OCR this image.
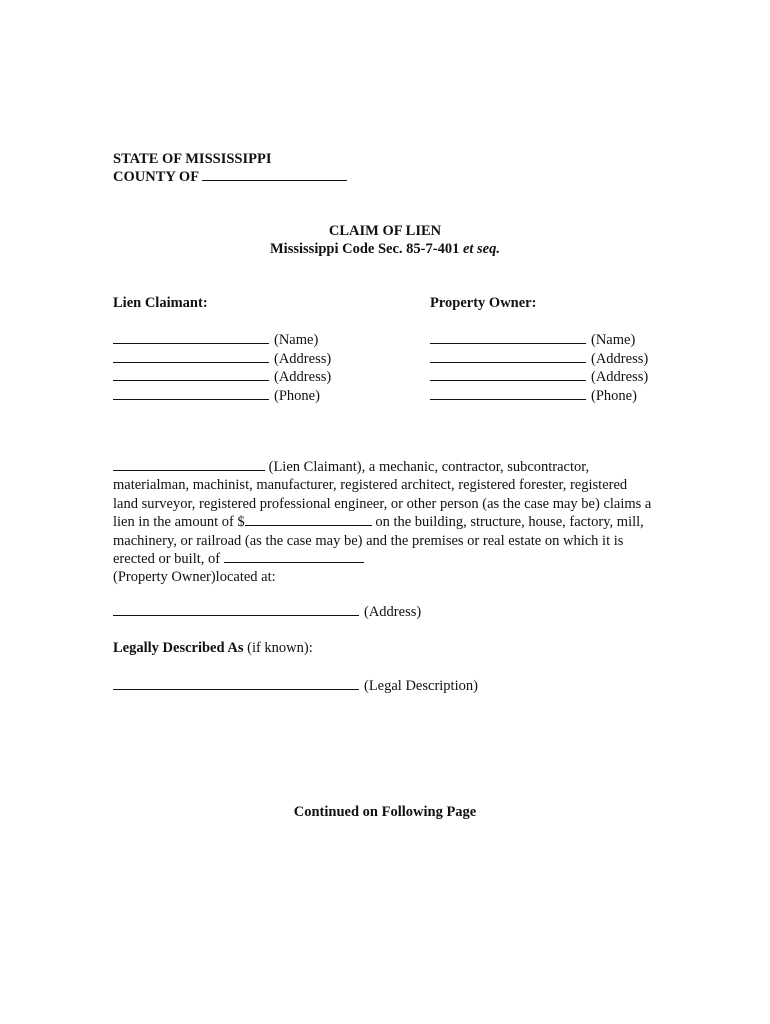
STATE OF MISSISSIPPI
COUNTY OF
CLAIM OF LIEN
Mississippi Code Sec. 85-7-401 et seq.
Lien Claimant:
(Name)
(Address)
(Address)
(Phone)
Property Owner:
(Name)
(Address)
(Address)
(Phone)
(Lien Claimant), a mechanic, contractor, subcontractor, materialman, machinist, manufacturer, registered architect, registered forester, registered land surveyor, registered professional engineer, or other person (as the case may be) claims a lien in the amount of $	on the building, structure, house, factory, mill, machinery, or railroad (as the case may be) and the premises or real estate on which it is erected or built, of
(Property Owner)located at:
(Address)
Legally Described As (if known):
(Legal Description)
Continued on Following Page
